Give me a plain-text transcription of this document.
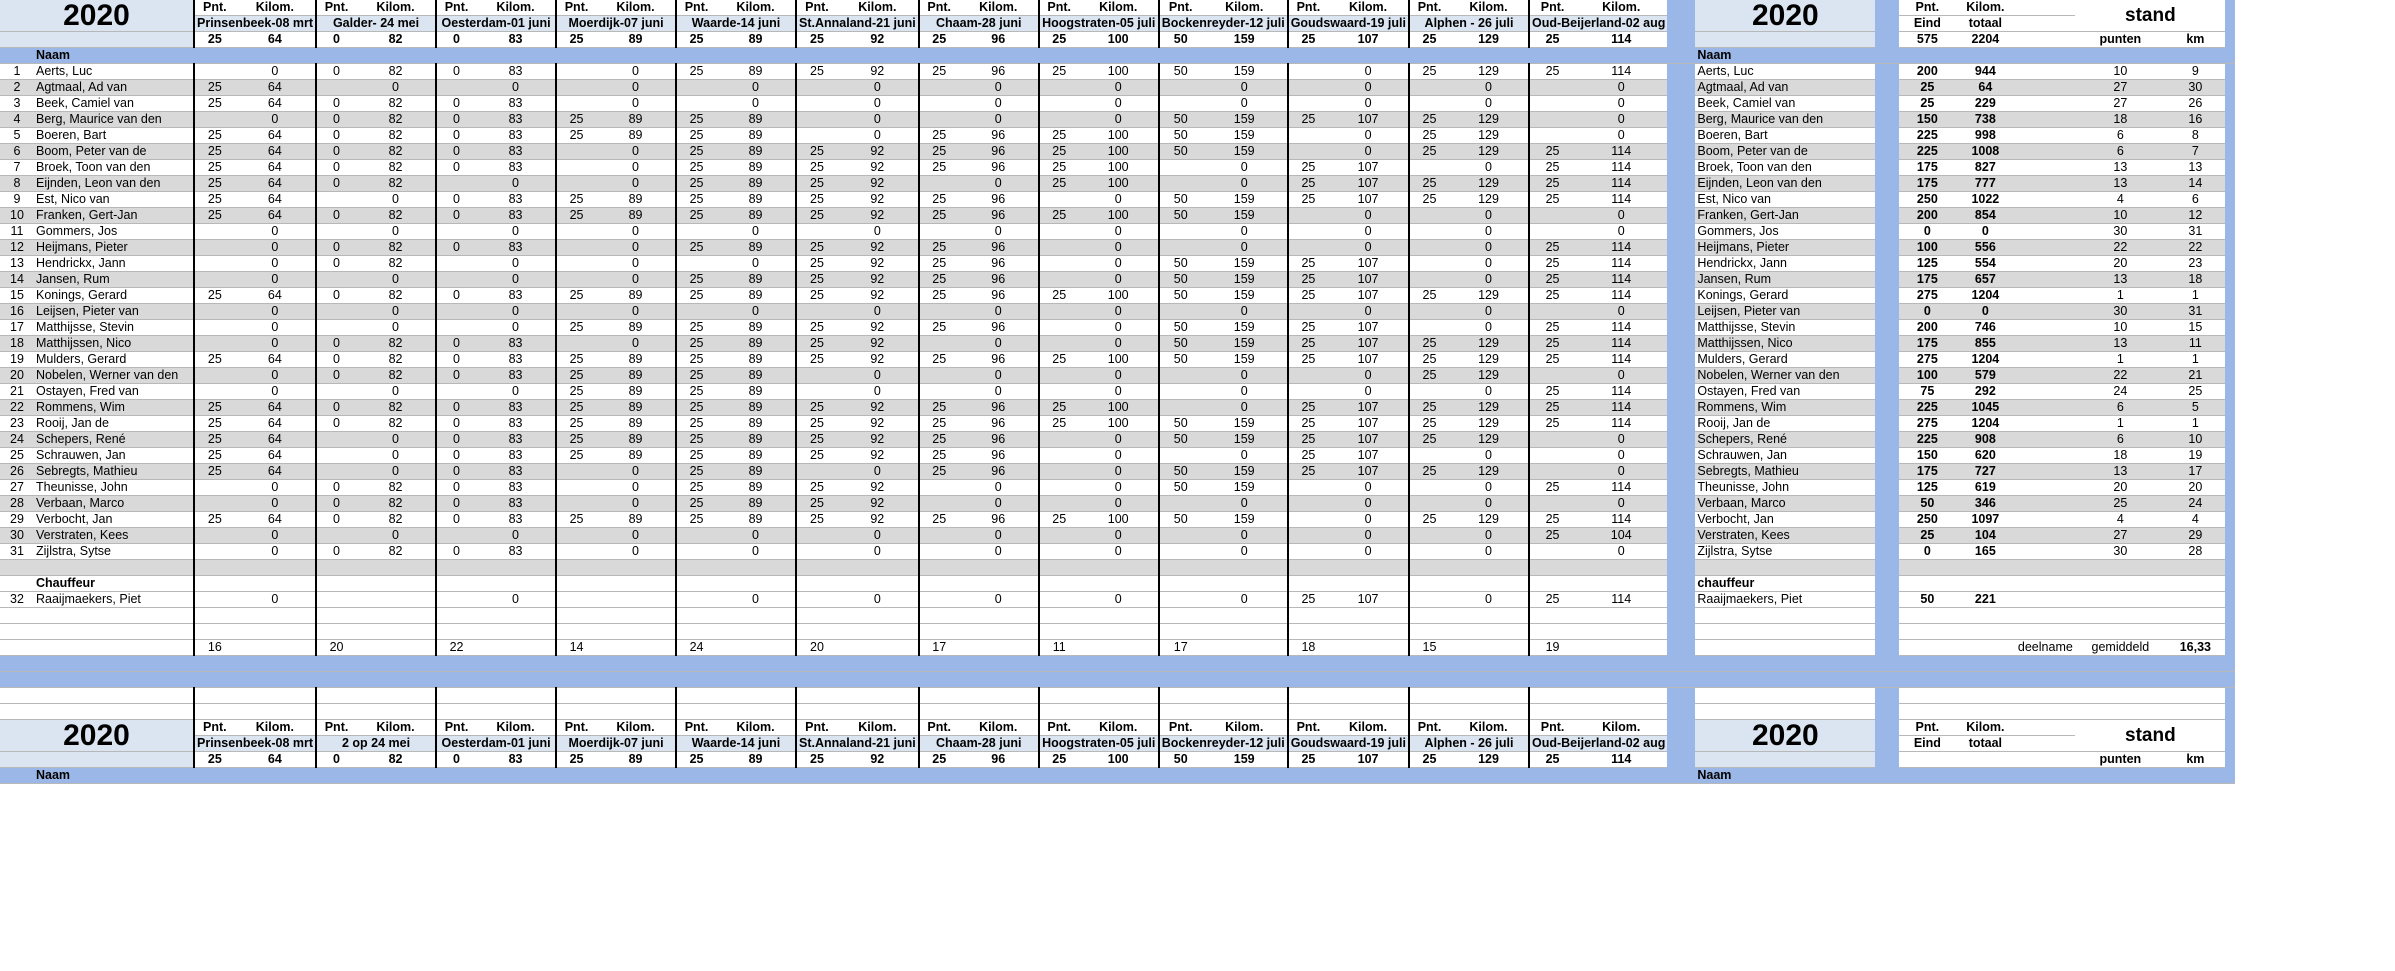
2020		Pnt.	Kilom.	Pnt.	Kilom.	Pnt.	Kilom.	Pnt.	Kilom.	Pnt.	Kilom.	Pnt.	Kilom.	Pnt.	Kilom.	Pnt.	Kilom.	Pnt.	Kilom.	Pnt.	Kilom.	Pnt.	Kilom.	Pnt.	Kilom.		2020		Pnt.	Kilom.		stand		
		Prinsenbeek-08 mrt		Galder- 24 mei		Oesterdam-01 juni		Moerdijk-07 juni		Waarde-14 juni		St.Annaland-21 juni		Chaam-28 juni		Hoogstraten-05 juli		Bockenreyder-12 juli		Goudswaard-19 juli		Alphen - 26 juli		Oud-Beijerland-02 aug					Eind	totaal				
		25	64	0	82	0	83	25	89	25	89	25	92	25	96	25	100	50	159	25	107	25	129	25	114				575	2204		punten	km	
	Naam																										Naam							
1	Aerts, Luc		0	0	82	0	83		0	25	89	25	92	25	96	25	100	50	159		0	25	129	25	114		Aerts, Luc		200	944		10	9	
2	Agtmaal, Ad van	25	64		0		0		0		0		0		0		0		0		0		0		0		Agtmaal, Ad van		25	64		27	30	
3	Beek, Camiel van	25	64	0	82	0	83		0		0		0		0		0		0		0		0		0		Beek, Camiel van		25	229		27	26	
4	Berg, Maurice van den		0	0	82	0	83	25	89	25	89		0		0		0	50	159	25	107	25	129		0		Berg, Maurice van den		150	738		18	16	
5	Boeren, Bart	25	64	0	82	0	83	25	89	25	89		0	25	96	25	100	50	159		0	25	129		0		Boeren, Bart		225	998		6	8	
6	Boom, Peter van de	25	64	0	82	0	83		0	25	89	25	92	25	96	25	100	50	159		0	25	129	25	114		Boom, Peter van de		225	1008		6	7	
7	Broek, Toon van den	25	64	0	82	0	83		0	25	89	25	92	25	96	25	100		0	25	107		0	25	114		Broek, Toon van den		175	827		13	13	
8	Eijnden, Leon van den	25	64	0	82		0		0	25	89	25	92		0	25	100		0	25	107	25	129	25	114		Eijnden, Leon van den		175	777		13	14	
9	Est, Nico van	25	64		0	0	83	25	89	25	89	25	92	25	96		0	50	159	25	107	25	129	25	114		Est, Nico van		250	1022		4	6	
10	Franken, Gert-Jan	25	64	0	82	0	83	25	89	25	89	25	92	25	96	25	100	50	159		0		0		0		Franken, Gert-Jan		200	854		10	12	
11	Gommers, Jos		0		0		0		0		0		0		0		0		0		0		0		0		Gommers, Jos		0	0		30	31	
12	Heijmans, Pieter		0	0	82	0	83		0	25	89	25	92	25	96		0		0		0		0	25	114		Heijmans, Pieter		100	556		22	22	
13	Hendrickx, Jann		0	0	82		0		0		0	25	92	25	96		0	50	159	25	107		0	25	114		Hendrickx, Jann		125	554		20	23	
14	Jansen, Rum		0		0		0		0	25	89	25	92	25	96		0	50	159	25	107		0	25	114		Jansen, Rum		175	657		13	18	
15	Konings, Gerard	25	64	0	82	0	83	25	89	25	89	25	92	25	96	25	100	50	159	25	107	25	129	25	114		Konings, Gerard		275	1204		1	1	
16	Leijsen, Pieter van		0		0		0		0		0		0		0		0		0		0		0		0		Leijsen, Pieter van		0	0		30	31	
17	Matthijsse, Stevin		0		0		0	25	89	25	89	25	92	25	96		0	50	159	25	107		0	25	114		Matthijsse, Stevin		200	746		10	15	
18	Matthijssen, Nico		0	0	82	0	83		0	25	89	25	92		0		0	50	159	25	107	25	129	25	114		Matthijssen, Nico		175	855		13	11	
19	Mulders, Gerard	25	64	0	82	0	83	25	89	25	89	25	92	25	96	25	100	50	159	25	107	25	129	25	114		Mulders, Gerard		275	1204		1	1	
20	Nobelen, Werner van den		0	0	82	0	83	25	89	25	89		0		0		0		0		0	25	129		0		Nobelen, Werner van den		100	579		22	21	
21	Ostayen, Fred van		0		0		0	25	89	25	89		0		0		0		0		0		0	25	114		Ostayen, Fred van		75	292		24	25	
22	Rommens, Wim	25	64	0	82	0	83	25	89	25	89	25	92	25	96	25	100		0	25	107	25	129	25	114		Rommens, Wim		225	1045		6	5	
23	Rooij, Jan de	25	64	0	82	0	83	25	89	25	89	25	92	25	96	25	100	50	159	25	107	25	129	25	114		Rooij, Jan de		275	1204		1	1	
24	Schepers, René	25	64		0	0	83	25	89	25	89	25	92	25	96		0	50	159	25	107	25	129		0		Schepers, René		225	908		6	10	
25	Schrauwen, Jan	25	64		0	0	83	25	89	25	89	25	92	25	96		0		0	25	107		0		0		Schrauwen, Jan		150	620		18	19	
26	Sebregts, Mathieu	25	64		0	0	83		0	25	89		0	25	96		0	50	159	25	107	25	129		0		Sebregts, Mathieu		175	727		13	17	
27	Theunisse, John		0	0	82	0	83		0	25	89	25	92		0		0	50	159		0		0	25	114		Theunisse, John		125	619		20	20	
28	Verbaan, Marco		0	0	82	0	83		0	25	89	25	92		0		0		0		0		0		0		Verbaan, Marco		50	346		25	24	
29	Verbocht, Jan	25	64	0	82	0	83	25	89	25	89	25	92	25	96	25	100	50	159		0	25	129	25	114		Verbocht, Jan		250	1097		4	4	
30	Verstraten, Kees		0		0		0		0		0		0		0		0		0		0		0	25	104		Verstraten, Kees		25	104		27	29	
31	Zijlstra, Sytse		0	0	82	0	83		0		0		0		0		0		0		0		0		0		Zijlstra, Sytse		0	165		30	28	

	Chauffeur																										chauffeur							
32	Raaijmaekers, Piet		0				0				0		0		0		0		0	25	107		0	25	114		Raaijmaekers, Piet		50	221				

		16		20		22		14		24		20		17		11		17		18		15		19							deelname	gemiddeld	16,33	

2020		Pnt.	Kilom.	Pnt.	Kilom.	Pnt.	Kilom.	Pnt.	Kilom.	Pnt.	Kilom.	Pnt.	Kilom.	Pnt.	Kilom.	Pnt.	Kilom.	Pnt.	Kilom.	Pnt.	Kilom.	Pnt.	Kilom.	Pnt.	Kilom.		2020		Pnt.	Kilom.		stand		
		Prinsenbeek-08 mrt		2 op 24 mei		Oesterdam-01 juni		Moerdijk-07 juni		Waarde-14 juni		St.Annaland-21 juni		Chaam-28 juni		Hoogstraten-05 juli		Bockenreyder-12 juli		Goudswaard-19 juli		Alphen - 26 juli		Oud-Beijerland-02 aug					Eind	totaal				
		25	64	0	82	0	83	25	89	25	89	25	92	25	96	25	100	50	159	25	107	25	129	25	114							punten	km	
	Naam																										Naam							
